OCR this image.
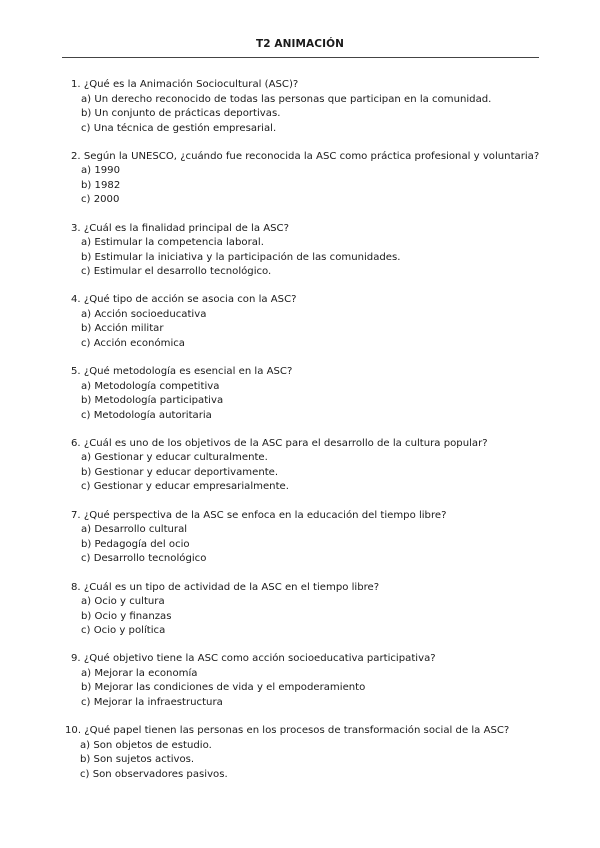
T2 ANIMACIÓN
1. ¿Qué es la Animación Sociocultural (ASC)?
a) Un derecho reconocido de todas las personas que participan en la comunidad.
b) Un conjunto de prácticas deportivas.
c) Una técnica de gestión empresarial.
2. Según la UNESCO, ¿cuándo fue reconocida la ASC como práctica profesional y voluntaria?
a) 1990
b) 1982
c) 2000
3. ¿Cuál es la finalidad principal de la ASC?
a) Estimular la competencia laboral.
b) Estimular la iniciativa y la participación de las comunidades.
c) Estimular el desarrollo tecnológico.
4. ¿Qué tipo de acción se asocia con la ASC?
a) Acción socioeducativa
b) Acción militar
c) Acción económica
5. ¿Qué metodología es esencial en la ASC?
a) Metodología competitiva
b) Metodología participativa
c) Metodología autoritaria
6. ¿Cuál es uno de los objetivos de la ASC para el desarrollo de la cultura popular?
a) Gestionar y educar culturalmente.
b) Gestionar y educar deportivamente.
c) Gestionar y educar empresarialmente.
7. ¿Qué perspectiva de la ASC se enfoca en la educación del tiempo libre?
a) Desarrollo cultural
b) Pedagogía del ocio
c) Desarrollo tecnológico
8. ¿Cuál es un tipo de actividad de la ASC en el tiempo libre?
a) Ocio y cultura
b) Ocio y finanzas
c) Ocio y política
9. ¿Qué objetivo tiene la ASC como acción socioeducativa participativa?
a) Mejorar la economía
b) Mejorar las condiciones de vida y el empoderamiento
c) Mejorar la infraestructura
10. ¿Qué papel tienen las personas en los procesos de transformación social de la ASC?
a) Son objetos de estudio.
b) Son sujetos activos.
c) Son observadores pasivos.
